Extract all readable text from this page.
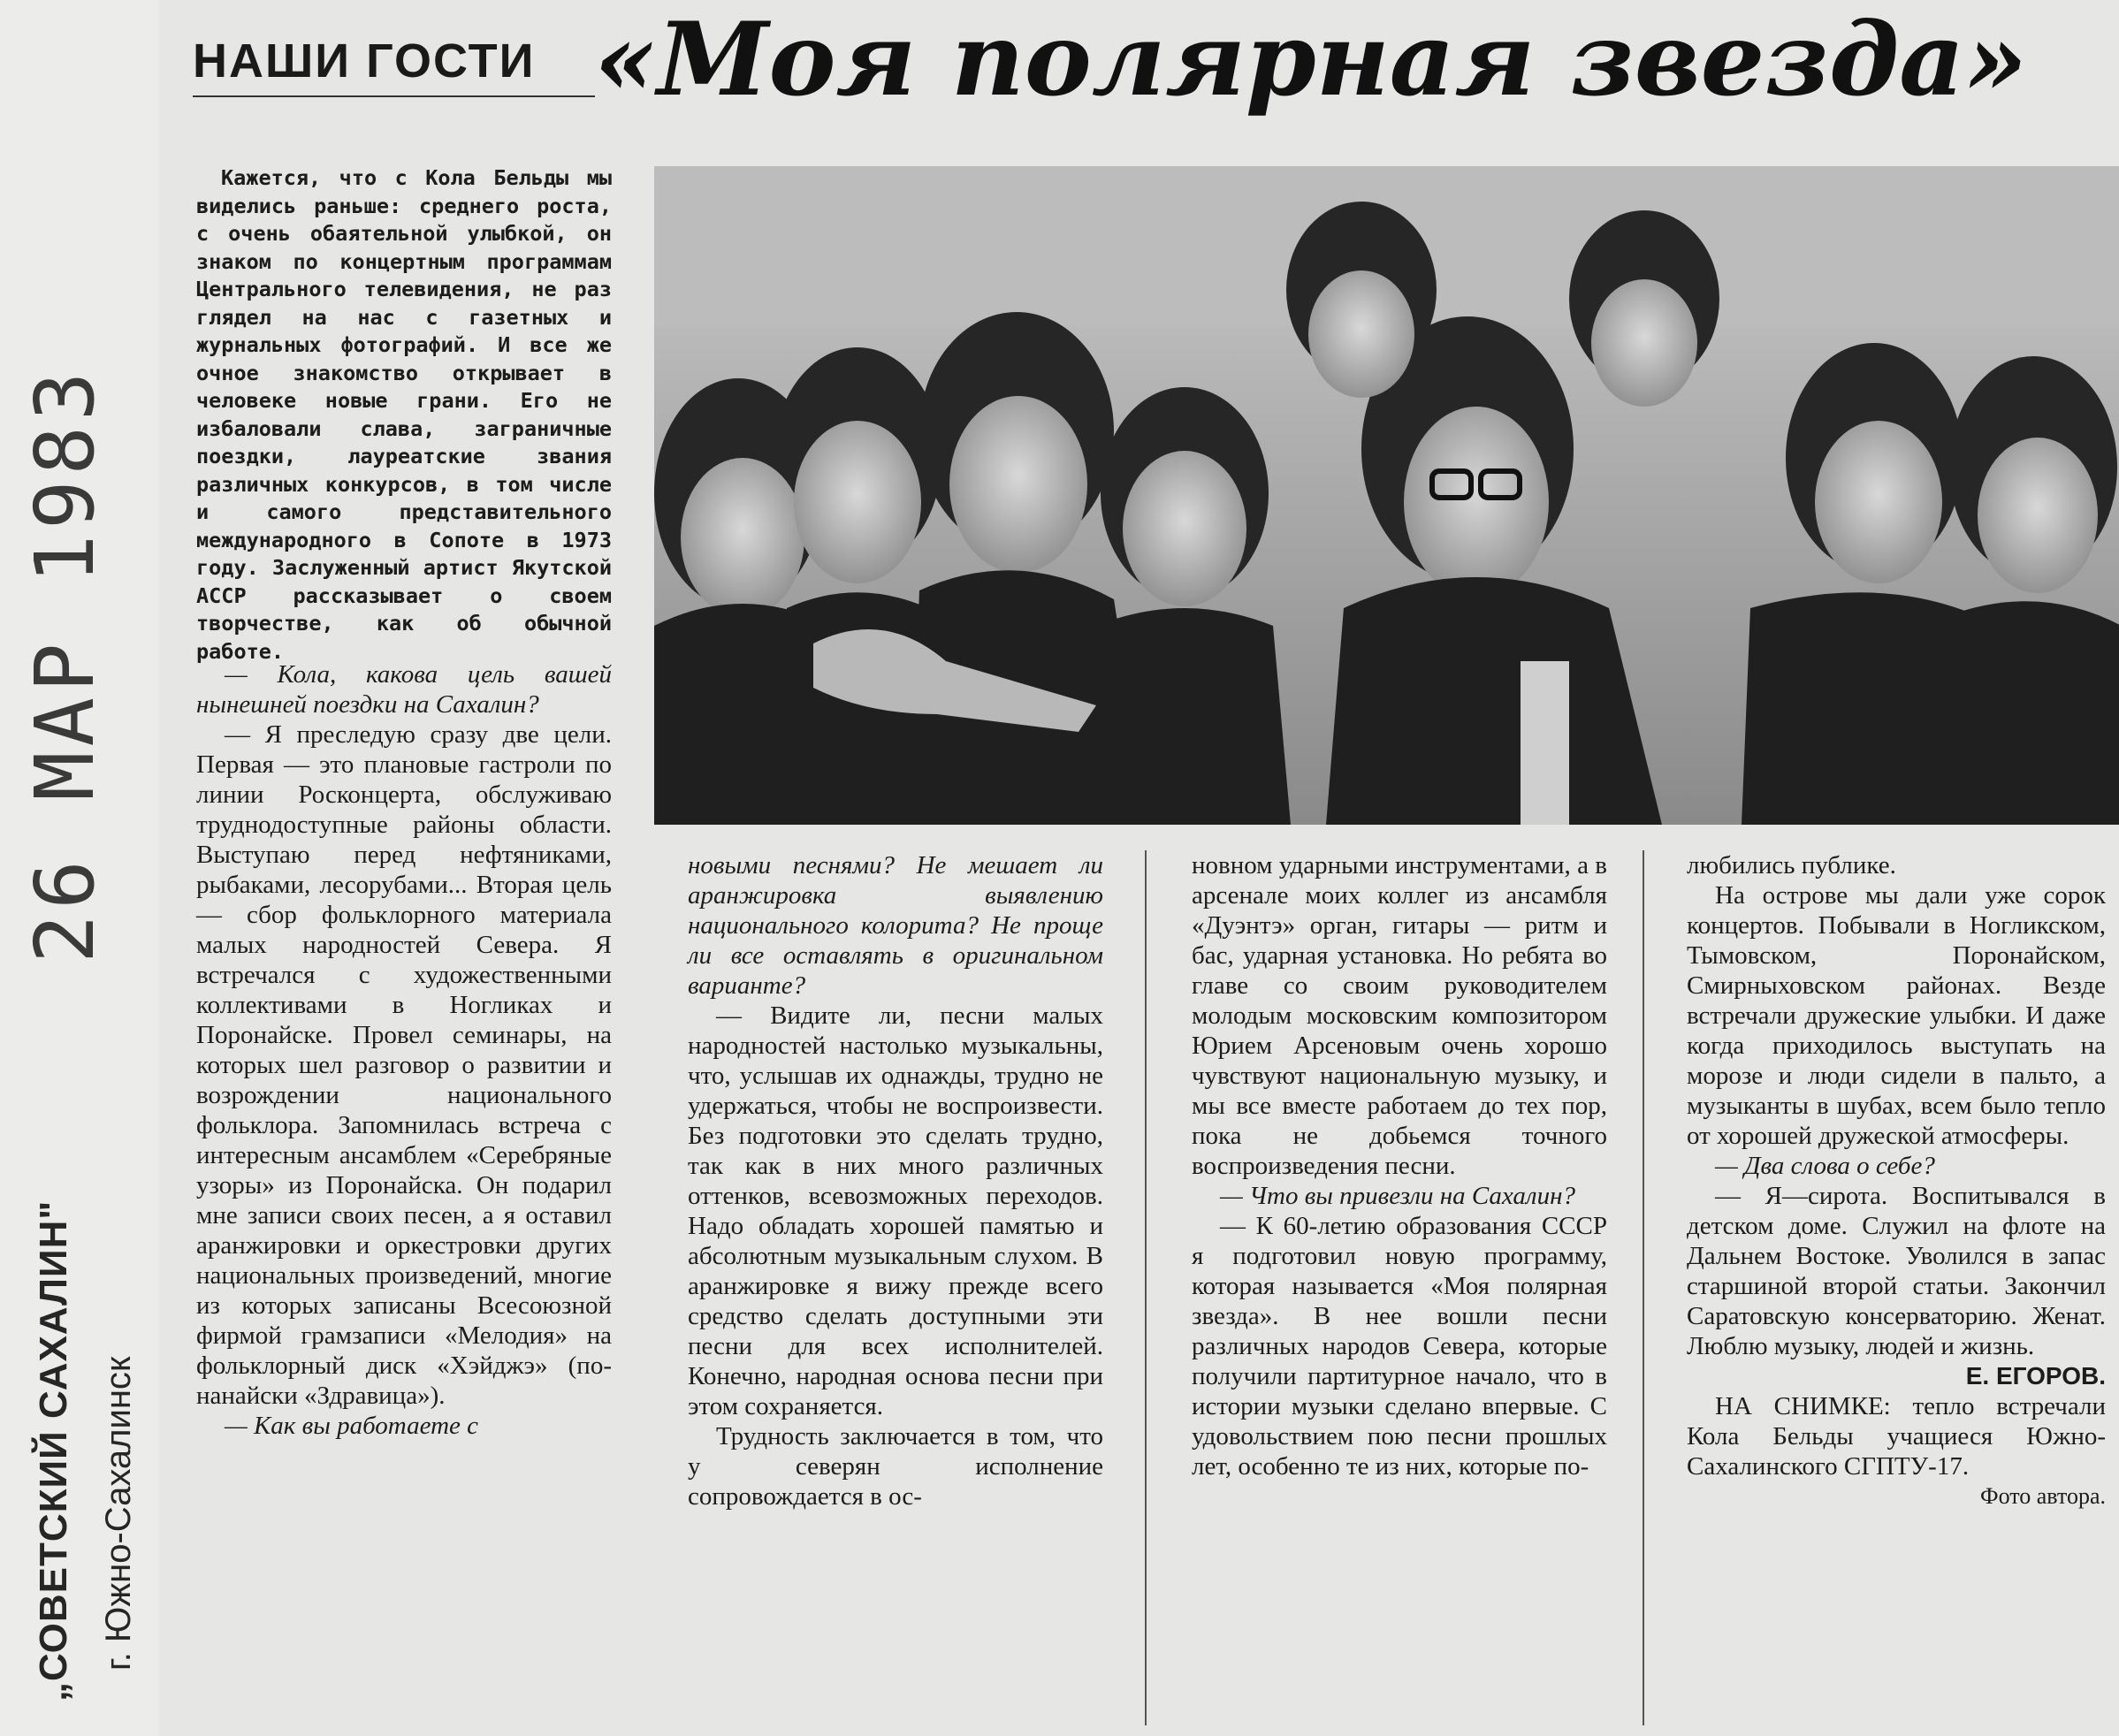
26 МАР 1983
„СОВЕТСКИЙ САХАЛИН" г. Южно-Сахалинск
НАШИ ГОСТИ «Моя полярная звезда»
Кажется, что с Кола Бельды мы виделись раньше: среднего роста, с очень обаятельной улыбкой, он знаком по концертным программам Центрального телевидения, не раз глядел на нас с газетных и журнальных фотографий. И все же очное знакомство открывает в человеке новые грани. Его не избаловали слава, заграничные поездки, лауреатские звания различных конкурсов, в том числе и самого представительного международного в Сопоте в 1973 году. Заслуженный артист Якутской АССР рассказывает о своем творчестве, как об обычной работе.

— Кола, какова цель вашей нынешней поездки на Сахалин?

— Я преследую сразу две цели. Первая — это плановые гастроли по линии Росконцерта, обслуживаю труднодоступные районы области. Выступаю перед нефтяниками, рыбаками, лесорубами... Вторая цель — сбор фольклорного материала малых народностей Севера. Я встречался с художественными коллективами в Ногликах и Поронайске. Провел семинары, на которых шел разговор о развитии и возрождении национального фольклора. Запомнилась встреча с интересным ансамблем «Серебряные узоры» из Поронайска. Он подарил мне записи своих песен, а я оставил аранжировки и оркестровки других национальных произведений, многие из которых записаны Всесоюзной фирмой грамзаписи «Мелодия» на фольклорный диск «Хэйджэ» (по-нанайски «Здравица»).

— Как вы работаете с

новыми песнями? Не мешает ли аранжировка выявлению национального колорита? Не проще ли все оставлять в оригинальном варианте?

— Видите ли, песни малых народностей настолько музыкальны, что, услышав их однажды, трудно не удержаться, чтобы не воспроизвести. Без подготовки это сделать трудно, так как в них много различных оттенков, всевозможных переходов. Надо обладать хорошей памятью и абсолютным музыкальным слухом. В аранжировке я вижу прежде всего средство сделать доступными эти песни для всех исполнителей. Конечно, народная основа песни при этом сохраняется.

Трудность заключается в том, что у северян исполнение сопровождается в ос-

новном ударными инструментами, а в арсенале моих коллег из ансамбля «Дуэнтэ» орган, гитары — ритм и бас, ударная установка. Но ребята во главе со своим руководителем молодым московским композитором Юрием Арсеновым очень хорошо чувствуют национальную музыку, и мы все вместе работаем до тех пор, пока не добьемся точного воспроизведения песни.

— Что вы привезли на Сахалин?

— К 60-летию образования СССР я подготовил новую программу, которая называется «Моя полярная звезда». В нее вошли песни различных народов Севера, которые получили партитурное начало, что в истории музыки сделано впервые. С удовольствием пою песни прошлых лет, особенно те из них, которые по-

любились публике.

На острове мы дали уже сорок концертов. Побывали в Ногликском, Тымовском, Поронайском, Смирныховском районах. Везде встречали дружеские улыбки. И даже когда приходилось выступать на морозе и люди сидели в пальто, а музыканты в шубах, всем было тепло от хорошей дружеской атмосферы.

— Два слова о себе?

— Я—сирота. Воспитывался в детском доме. Служил на флоте на Дальнем Востоке. Уволился в запас старшиной второй статьи. Закончил Саратовскую консерваторию. Женат. Люблю музыку, людей и жизнь.

Е. ЕГОРОВ.

НА СНИМКЕ: тепло встречали Кола Бельды учащиеся Южно-Сахалинского СГПТУ-17.

Фото автора.
